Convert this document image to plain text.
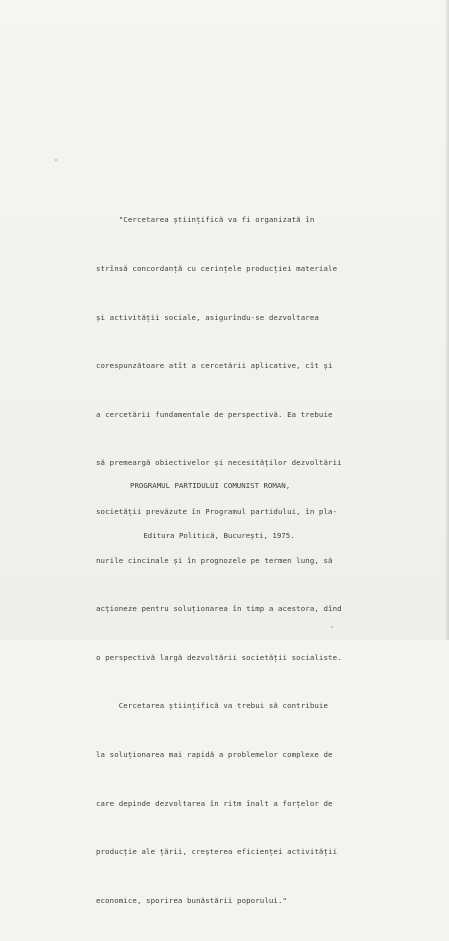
"Cercetarea științifică va fi organizată în

strînsă concordanță cu cerințele producției materiale

și activității sociale, asigurîndu-se dezvoltarea

corespunzătoare atît a cercetării aplicative, cît și

a cercetării fundamentale de perspectivă. Ea trebuie

să premeargă obiectivelor și necesităților dezvoltării

societății prevăzute în Programul partidului, în pla-

nurile cincinale și în prognozele pe termen lung, să

acționeze pentru soluționarea în timp a acestora, dînd

o perspectivă largă dezvoltării societății socialiste.

Cercetarea științifică va trebui să contribuie

la soluționarea mai rapidă a problemelor complexe de

care depinde dezvoltarea în ritm înalt a forțelor de

producție ale țării, creșterea eficienței activității

economice, sporirea bunăstării poporului."

PROGRAMUL PARTIDULUI COMUNIST ROMAN,

Editura Politică, București, 1975.
